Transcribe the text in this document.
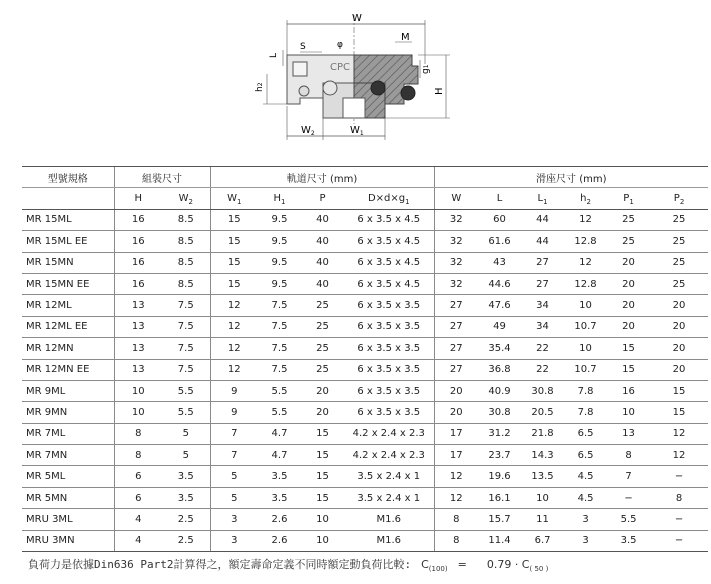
CPC
W
M
S	φ
L
h2
g1
H
$W_2$	$W_1$
型號規格	組裝尺寸		軌道尺寸 (mm)				滑座尺寸 (mm)					
	H	$W_2$	$W_1$	$H_1$	P	$D\times d\times g_1$	W	L	$L_1$	$h_2$	$P_1$	$P_2$
MR 15ML	16	8.5	15	9.5	40	6 x 3.5 x 4.5	32	60	44	12	25	25
MR 15ML EE	16	8.5	15	9.5	40	6 x 3.5 x 4.5	32	61.6	44	12.8	25	25
MR 15MN	16	8.5	15	9.5	40	6 x 3.5 x 4.5	32	43	27	12	20	25
MR 15MN EE	16	8.5	15	9.5	40	6 x 3.5 x 4.5	32	44.6	27	12.8	20	25
MR 12ML	13	7.5	12	7.5	25	6 x 3.5 x 3.5	27	47.6	34	10	20	20
MR 12ML EE	13	7.5	12	7.5	25	6 x 3.5 x 3.5	27	49	34	10.7	20	20
MR 12MN	13	7.5	12	7.5	25	6 x 3.5 x 3.5	27	35.4	22	10	15	20
MR 12MN EE	13	7.5	12	7.5	25	6 x 3.5 x 3.5	27	36.8	22	10.7	15	20
MR 9ML	10	5.5	9	5.5	20	6 x 3.5 x 3.5	20	40.9	30.8	7.8	16	15
MR 9MN	10	5.5	9	5.5	20	6 x 3.5 x 3.5	20	30.8	20.5	7.8	10	15
MR 7ML	8	5	7	4.7	15	4.2 x 2.4 x 2.3	17	31.2	21.8	6.5	13	12
MR 7MN	8	5	7	4.7	15	4.2 x 2.4 x 2.3	17	23.7	14.3	6.5	8	12
MR 5ML	6	3.5	5	3.5	15	3.5 x 2.4 x 1	12	19.6	13.5	4.5	7	−
MR 5MN	6	3.5	5	3.5	15	3.5 x 2.4 x 1	12	16.1	10	4.5	−	8
MRU 3ML	4	2.5	3	2.6	10	M1.6	8	15.7	11	3	5.5	−
MRU 3MN	4	2.5	3	2.6	10	M1.6	8	11.4	6.7	3	3.5	−
負荷力是依據Din636 Part2計算得之，額定壽命定義不同時額定動負荷比較: $C_{(100)} = 0.79 \cdot C_{( 50 )}$
